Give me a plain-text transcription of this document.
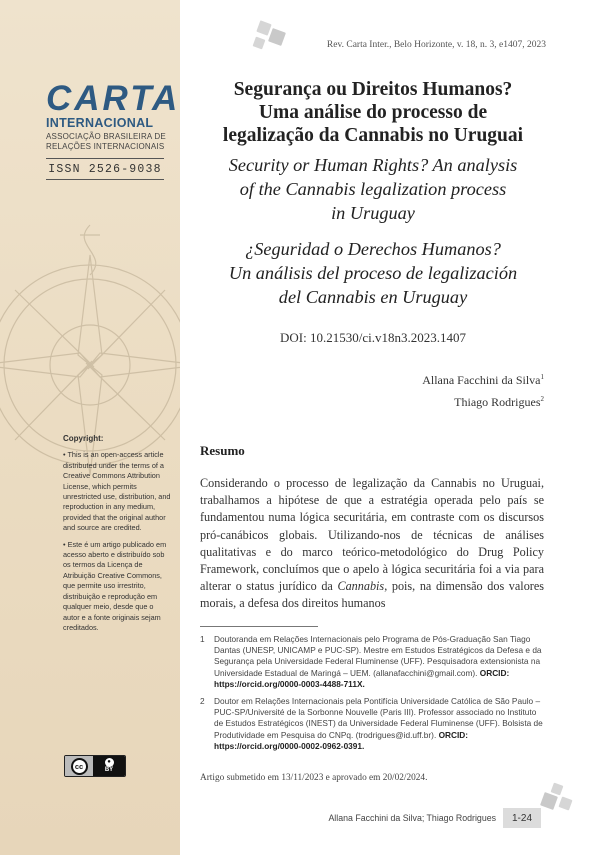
CARTA
INTERNACIONAL
ASSOCIAÇÃO BRASILEIRA DE
RELAÇÕES INTERNACIONAIS
ISSN 2526-9038
Copyright:

• This is an open-access article distributed under the terms of a Creative Commons Attribution License, which permits unrestricted use, distribution, and reproduction in any medium, provided that the original author and source are credited.

• Este é um artigo publicado em acesso aberto e distribuído sob os termos da Licença de Atribuição Creative Commons, que permite uso irrestrito, distribuição e reprodução em qualquer meio, desde que o autor e a fonte originais sejam creditados.

cc	●
BY
Rev. Carta Inter., Belo Horizonte, v. 18, n. 3, e1407, 2023
Segurança ou Direitos Humanos?
Uma análise do processo de
legalização da Cannabis no Uruguai
Security or Human Rights? An analysis
of the Cannabis legalization process
in Uruguay
¿Seguridad o Derechos Humanos?
Un análisis del proceso de legalización
del Cannabis en Uruguay
DOI: 10.21530/ci.v18n3.2023.1407
Allana Facchini da Silva$^1$
Thiago Rodrigues$^2$
Resumo
Considerando o processo de legalização da Cannabis no Uruguai, trabalhamos a hipótese de que a estratégia operada pelo país se fundamentou numa lógica securitária, em contraste com os discursos pró-canábicos globais. Utilizando-nos de técnicas de análises qualitativas e do marco teórico-metodológico do Drug Policy Framework, concluímos que o apelo à lógica securitária foi a via para alterar o status jurídico da Cannabis, pois, na dimensão dos valores morais, a defesa dos direitos humanos
1	Doutoranda em Relações Internacionais pelo Programa de Pós-Graduação San Tiago Dantas (UNESP, UNICAMP e PUC-SP). Mestre em Estudos Estratégicos da Defesa e da Segurança pela Universidade Federal Fluminense (UFF). Pesquisadora extensionista na Universidade Estadual de Maringá – UEM. (allanafacchini@gmail.com). ORCID: https://orcid.org/0000-0003-4488-711X.
2	Doutor em Relações Internacionais pela Pontifícia Universidade Católica de São Paulo – PUC-SP/Université de la Sorbonne Nouvelle (Paris III). Professor associado no Instituto de Estudos Estratégicos (INEST) da Universidade Federal Fluminense (UFF). Bolsista de Produtividade em Pesquisa do CNPq. (trodrigues@id.uff.br). ORCID: https://orcid.org/0000-0002-0962-0391.
Artigo submetido em 13/11/2023 e aprovado em 20/02/2024.
Allana Facchini da Silva; Thiago Rodrigues	1-24
